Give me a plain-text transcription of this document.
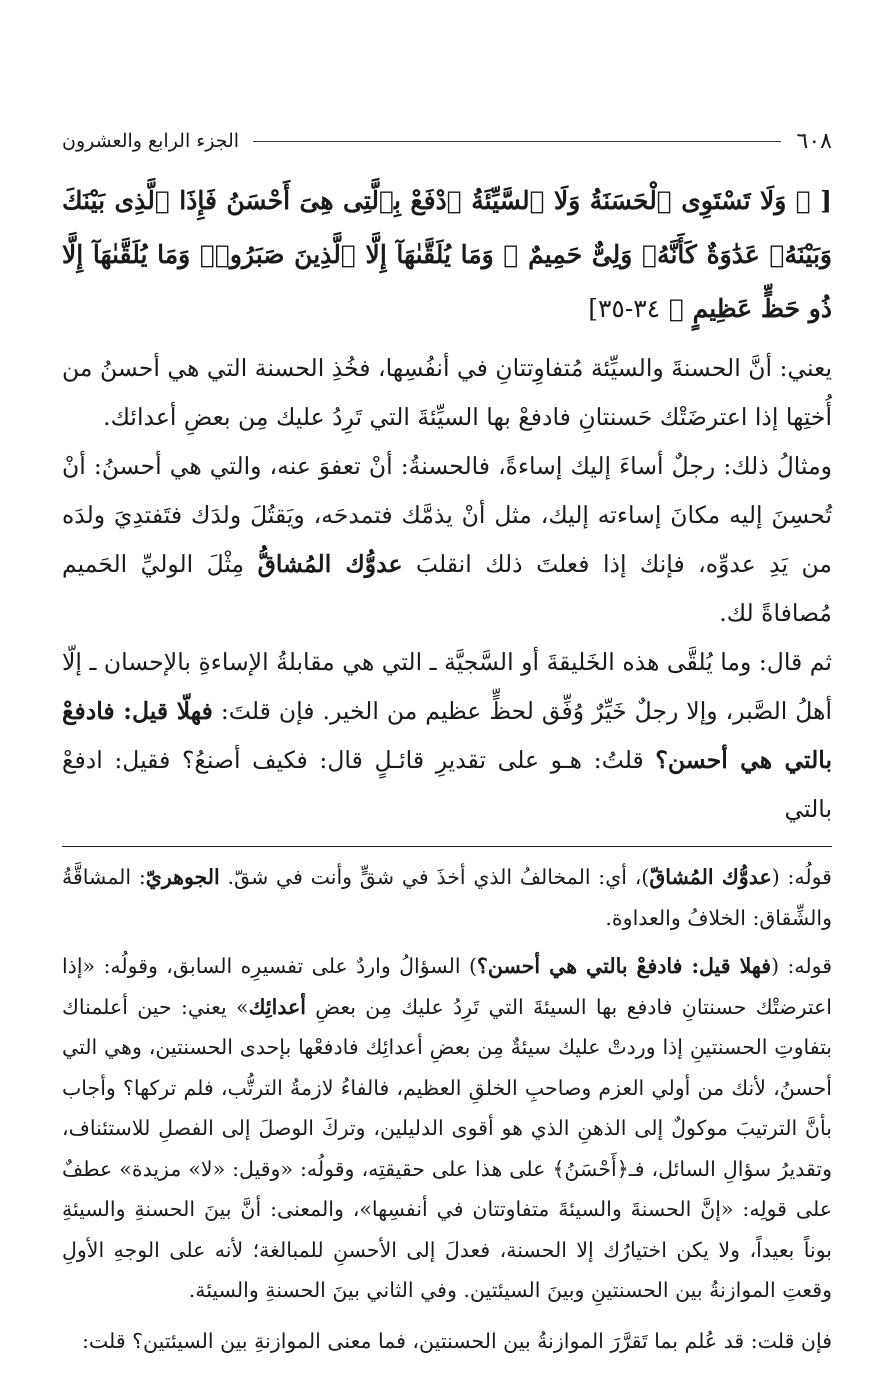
٦٠٨
الجزء الرابع والعشرون
[ ﴿ وَلَا تَسْتَوِى ٱلْحَسَنَةُ وَلَا ٱلسَّيِّئَةُ ٱدْفَعْ بِٱلَّتِى هِىَ أَحْسَنُ فَإِذَا ٱلَّذِى بَيْنَكَ وَبَيْنَهُۥ عَدَٰوَةٌ كَأَنَّهُۥ وَلِىٌّ حَمِيمٌ ۞ وَمَا يُلَقَّىٰهَآ إِلَّا ٱلَّذِينَ صَبَرُوا۟ وَمَا يُلَقَّىٰهَآ إِلَّا ذُو حَظٍّ عَظِيمٍ ﴾ ٣٤-٣٥]

يعني: أنَّ الحسنةَ والسيِّئة مُتفاوِتتانِ في أنفُسِها، فخُذِ الحسنة التي هي أحسنُ من أُختِها إذا اعترضَتْك حَسنتانِ فادفعْ بها السيِّئةَ التي تَرِدُ عليك مِن بعضِ أعدائك.

ومثالُ ذلك: رجلٌ أساءَ إليك إساءةً، فالحسنةُ: أنْ تعفوَ عنه، والتي هي أحسنُ: أنْ تُحسِنَ إليه مكانَ إساءته إليك، مثل أنْ يذمَّك فتمدحَه، ويَقتُلَ ولدَك فتَفتدِيَ ولدَه من يَدِ عدوِّه، فإنك إذا فعلتَ ذلك انقلبَ عدوُّك المُشاقُّ مِثْلَ الوليِّ الحَميم مُصافاةً لك.

ثم قال: وما يُلقَّى هذه الخَليقةَ أو السَّجيَّة ـ التي هي مقابلةُ الإساءةِ بالإحسان ـ إلّا أهلُ الصَّبر، وإلا رجلٌ خَيِّرٌ وُفِّق لحظٍّ عظيم من الخير. فإن قلتَ: فهلّا قيل: فادفعْ بالتي هي أحسن؟ قلتُ: هـو على تقديرِ قائـلٍ قال: فكيف أصنعُ؟ فقيل: ادفعْ بالتي

قولُه: (عدوُّك المُشاقّ)، أي: المخالفُ الذي أخذَ في شقٍّ وأنت في شقّ. الجوهريّ: المشاقَّةُ والشِّقاق: الخلافُ والعداوة.

قوله: (فهلا قيل: فادفعْ بالتي هي أحسن؟) السؤالُ واردٌ على تفسيرِه السابق، وقولُه: «إذا اعترضتْك حسنتانِ فادفع بها السيئةَ التي تَرِدُ عليك مِن بعضِ أعدائِك» يعني: حين أعلمناك بتفاوتِ الحسنتينِ إذا وردتْ عليك سيئةٌ مِن بعضِ أعدائِك فادفعْها بإحدى الحسنتين، وهي التي أحسنُ، لأنك من أولي العزم وصاحبِ الخلقِ العظيم، فالفاءُ لازمةُ الترتُّب، فلم تركها؟ وأجاب بأنَّ الترتيبَ موكولٌ إلى الذهنِ الذي هو أقوى الدليلين، وتركَ الوصلَ إلى الفصلِ للاستئناف، وتقديرُ سؤالِ السائل، فـ﴿أَحْسَنُ﴾ على هذا على حقيقتِه، وقولُه: «وقيل: «لا» مزيدة» عطفٌ على قولِه: «إنَّ الحسنةَ والسيئةَ متفاوتتان في أنفسِها»، والمعنى: أنَّ بينَ الحسنةِ والسيئةِ بوناً بعيداً، ولا يكن اختيارُك إلا الحسنة، فعدلَ إلى الأحسنِ للمبالغة؛ لأنه على الوجهِ الأولِ وقعتِ الموازنةُ بين الحسنتينِ وبينَ السيئتين. وفي الثاني بينَ الحسنةِ والسيئة.

فإن قلت: قد عُلم بما تَقرَّرَ الموازنةُ بين الحسنتين، فما معنى الموازنةِ بين السيئتين؟ قلت:
